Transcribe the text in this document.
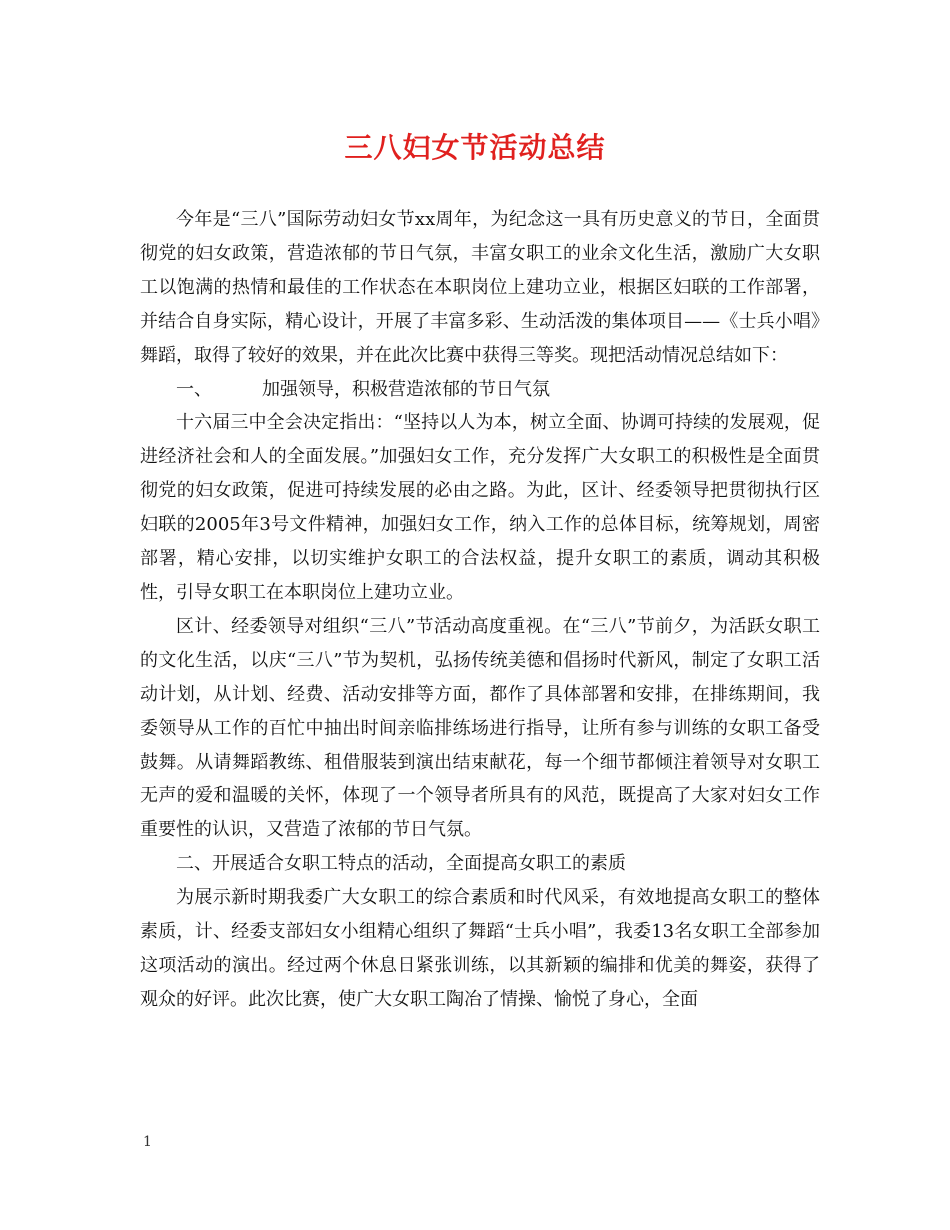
三八妇女节活动总结

今年是“三八”国际劳动妇女节xx周年，为纪念这一具有历史意义的节日，全面贯彻党的妇女政策，营造浓郁的节日气氛，丰富女职工的业余文化生活，激励广大女职工以饱满的热情和最佳的工作状态在本职岗位上建功立业，根据区妇联的工作部署，并结合自身实际，精心设计，开展了丰富多彩、生动活泼的集体项目——《士兵小唱》舞蹈，取得了较好的效果，并在此次比赛中获得三等奖。现把活动情况总结如下：

一、	加强领导，积极营造浓郁的节日气氛

十六届三中全会决定指出：“坚持以人为本，树立全面、协调可持续的发展观，促进经济社会和人的全面发展。”加强妇女工作，充分发挥广大女职工的积极性是全面贯彻党的妇女政策，促进可持续发展的必由之路。为此，区计、经委领导把贯彻执行区妇联的2005年3号文件精神，加强妇女工作，纳入工作的总体目标，统筹规划，周密部署，精心安排，以切实维护女职工的合法权益，提升女职工的素质，调动其积极性，引导女职工在本职岗位上建功立业。

区计、经委领导对组织“三八”节活动高度重视。在“三八”节前夕，为活跃女职工的文化生活，以庆“三八”节为契机，弘扬传统美德和倡扬时代新风，制定了女职工活动计划，从计划、经费、活动安排等方面，都作了具体部署和安排，在排练期间，我委领导从工作的百忙中抽出时间亲临排练场进行指导，让所有参与训练的女职工备受鼓舞。从请舞蹈教练、租借服装到演出结束献花，每一个细节都倾注着领导对女职工无声的爱和温暖的关怀，体现了一个领导者所具有的风范，既提高了大家对妇女工作重要性的认识，又营造了浓郁的节日气氛。

二、开展适合女职工特点的活动，全面提高女职工的素质

为展示新时期我委广大女职工的综合素质和时代风采，有效地提高女职工的整体素质，计、经委支部妇女小组精心组织了舞蹈“士兵小唱”，我委13名女职工全部参加这项活动的演出。经过两个休息日紧张训练，以其新颖的编排和优美的舞姿，获得了观众的好评。此次比赛，使广大女职工陶冶了情操、愉悦了身心，全面

1
